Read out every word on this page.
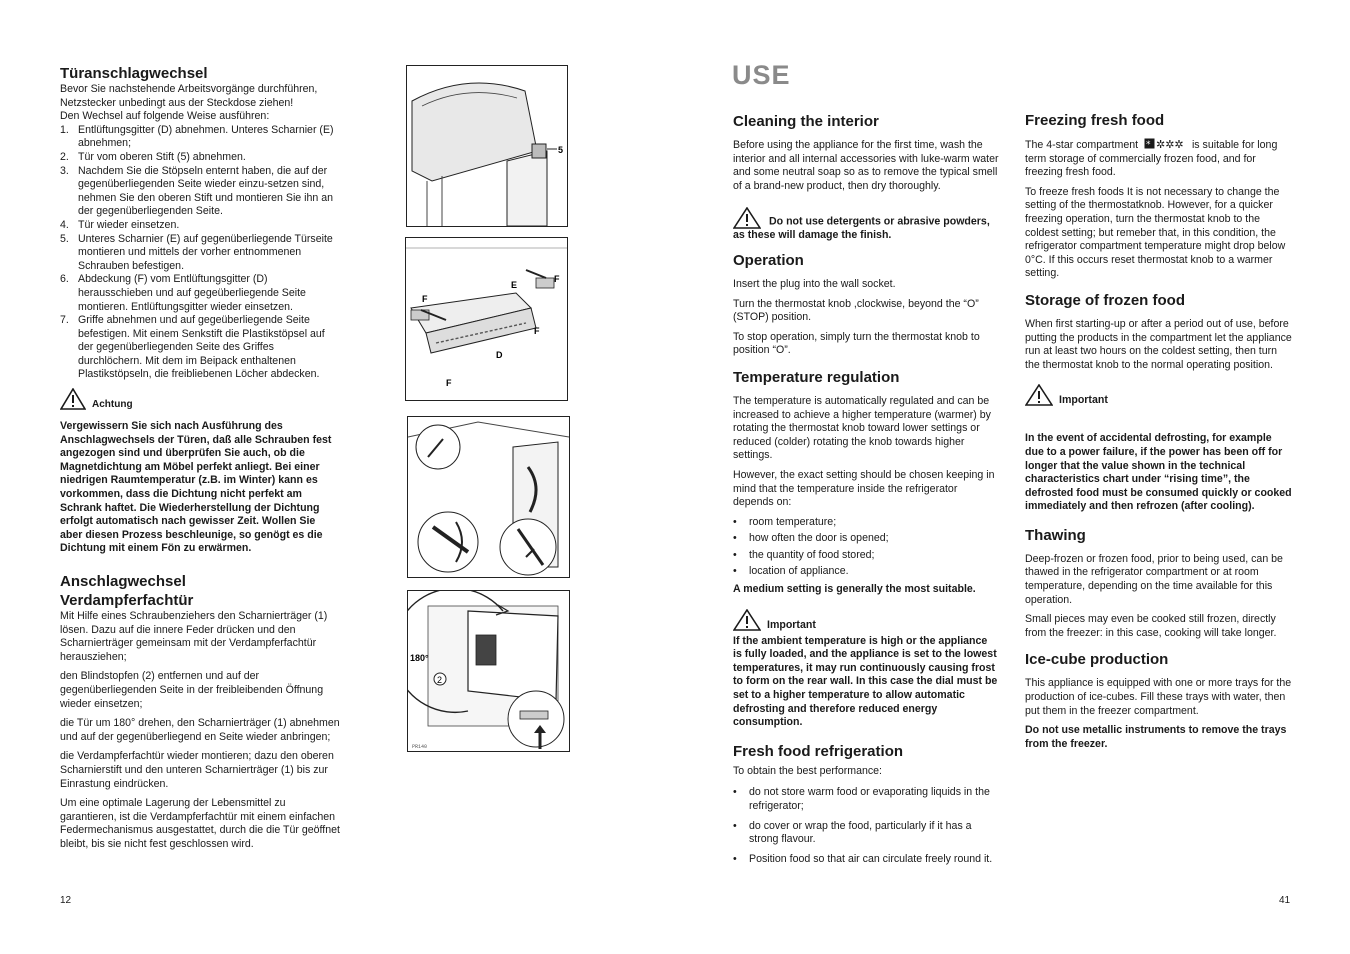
Türanschlagwechsel
Bevor Sie nachstehende Arbeitsvorgänge durchführen,
Netzstecker unbedingt aus der Steckdose ziehen!
Den Wechsel auf folgende Weise ausführen:
1. Entlüftungsgitter (D) abnehmen. Unteres Scharnier (E) abnehmen;
2. Tür vom oberen Stift (5) abnehmen.
3. Nachdem Sie die Stöpseln enternt haben, die auf der gegenüberliegenden Seite wieder einzu-setzen sind, nehmen Sie den oberen Stift und montieren Sie ihn an der gegenüberliegenden Seite.
4. Tür wieder einsetzen.
5. Unteres Scharnier (E) auf gegenüberliegende Türseite montieren und mittels der vorher entnommenen Schrauben befestigen.
6. Abdeckung (F) vom Entlüftungsgitter (D) herausschieben und auf gegeüberliegende Seite montieren. Entlüftungsgitter wieder einsetzen.
7. Griffe abnehmen und auf gegeüberliegende Seite befestigen. Mit einem Senkstift die Plastikstöpsel auf der gegenüberliegenden Seite des Griffes durchlöchern. Mit dem im Beipack enthaltenen Plastikstöpseln, die freibliebenen Löcher abdecken.
Achtung

Vergewissern Sie sich nach Ausführung des Anschlagwechsels der Türen, daß alle Schrauben fest angezogen sind und überprüfen Sie auch, ob die Magnetdichtung am Möbel perfekt anliegt. Bei einer niedrigen Raumtemperatur (z.B. im Winter) kann es vorkommen, dass die Dichtung nicht perfekt am Schrank haftet. Die Wiederherstellung der Dichtung erfolgt automatisch nach gewisser Zeit. Wollen Sie aber diesen Prozess beschleunige, so genögt es die Dichtung mit einem Fön zu erwärmen.

Anschlagwechsel
Verdampferfachtür

Mit Hilfe eines Schraubenziehers den Scharnierträger (1) lösen. Dazu auf die innere Feder drücken und den Scharnierträger gemeinsam mit der Verdampferfachtür herausziehen;

den Blindstopfen (2) entfernen und auf der gegenüberliegenden Seite in der freibleibenden Öffnung wieder einsetzen;

die Tür um 180° drehen, den Scharnierträger (1) abnehmen und auf der gegenüberliegend en Seite wieder anbringen;

die Verdampferfachtür wieder montieren; dazu den oberen Scharnierstift und den unteren Scharnierträger (1) bis zur Einrastung eindrücken.

Um eine optimale Lagerung der Lebensmittel zu garantieren, ist die Verdampferfachtür mit einem einfachen Federmechanismus ausgestattet, durch die die Tür geöffnet bleibt, bis sie nicht fest geschlossen wird.

5
E
F
F
F
D
F
2
180°
PR140
12
USE
Cleaning the interior

Before using the appliance for the first time, wash the interior and all internal accessories with luke-warm water and some neutral soap so as to remove the typical smell of a brand-new product, then dry thoroughly.

Do not use detergents or abrasive powders, as these will damage the finish.
Operation

Insert the plug into the wall socket.

Turn the thermostat knob ,clockwise, beyond the “O” (STOP) position.

To stop operation, simply turn the thermostat knob to position “O”.

Temperature regulation

The temperature is automatically regulated and can be increased to achieve a higher temperature (warmer) by rotating the thermostat knob toward lower settings or reduced (colder) rotating the knob towards higher settings.

However, the exact setting should be chosen keeping in mind that the temperature inside the refrigerator depends on:

• room temperature;
• how often the door is opened;
• the quantity of food stored;
• location of appliance.

A medium setting is generally the most suitable.

Important

If the ambient temperature is high or the appliance is fully loaded, and the appliance is set to the lowest temperatures, it may run continuously causing frost to form on the rear wall. In this case the dial must be set to a higher temperature to allow automatic defrosting and therefore reduced energy consumption.

Fresh food refrigeration

To obtain the best performance:

• do not store warm food or evaporating liquids in the refrigerator;
• do cover or wrap the food, particularly if it has a strong flavour.
• Position food so that air can circulate freely round it.
Freezing fresh food

The 4-star compartment * ✲✲✲ is suitable for long term storage of commercially frozen food, and for freezing fresh food.

To freeze fresh foods It is not necessary to change the setting of the thermostatknob. However, for a quicker freezing operation, turn the thermostat knob to the coldest setting; but remeber that, in this condition, the refrigerator compartment temperature might drop below 0°C. If this occurs reset thermostat knob to a warmer setting.

Storage of frozen food

When first starting-up or after a period out of use, before putting the products in the compartment let the appliance run at least two hours on the coldest setting, then turn the thermostat knob to the normal operating position.

Important

In the event of accidental defrosting, for example due to a power failure, if the power has been off for longer that the value shown in the technical characteristics chart under “rising time”, the defrosted food must be consumed quickly or cooked immediately and then refrozen (after cooling).

Thawing

Deep-frozen or frozen food, prior to being used, can be thawed in the refrigerator compartment or at room temperature, depending on the time available for this operation.

Small pieces may even be cooked still frozen, directly from the freezer: in this case, cooking will take longer.

Ice-cube production

This appliance is equipped with one or more trays for the production of ice-cubes. Fill these trays with water, then put them in the freezer compartment.

Do not use metallic instruments to remove the trays from the freezer.

41
